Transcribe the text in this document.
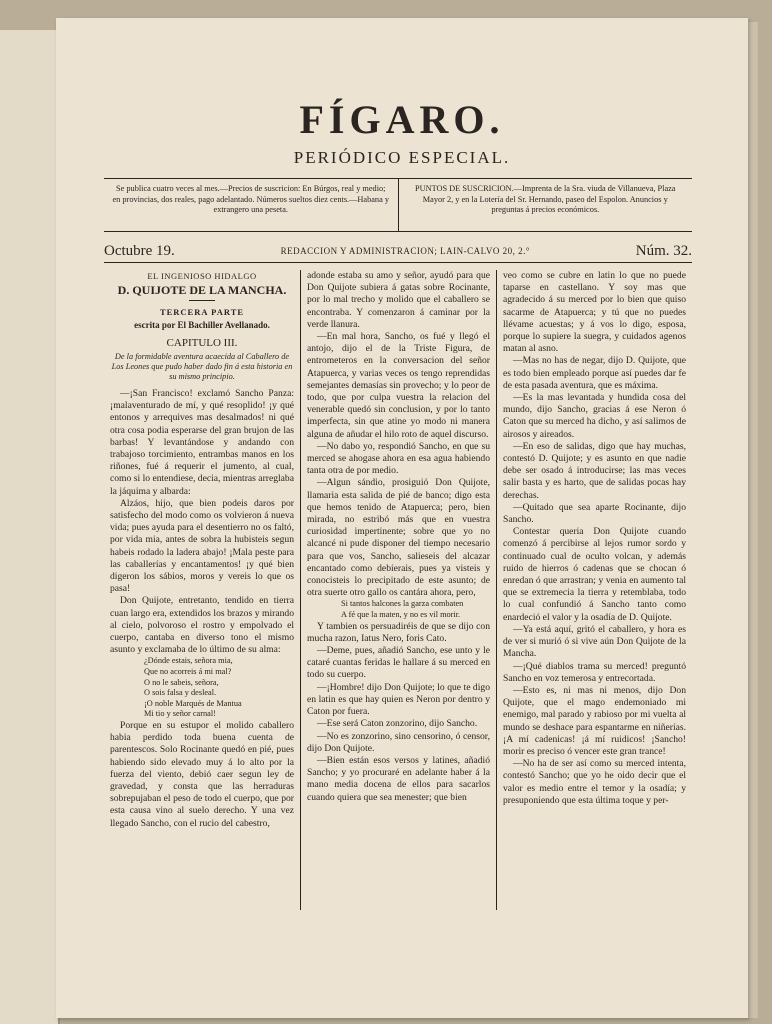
FÍGARO.
PERIÓDICO ESPECIAL.
Se publica cuatro veces al mes.—Precios de suscricion: En Búrgos, real y medio; en provincias, dos reales, pago adelantado. Números sueltos diez cents.—Habana y extrangero una peseta.
PUNTOS DE SUSCRICION.—Imprenta de la Sra. viuda de Villanueva, Plaza Mayor 2, y en la Lotería del Sr. Hernando, paseo del Espolon. Anuncios y preguntas á precios económicos.
Octubre 19.	REDACCION Y ADMINISTRACION; LAIN-CALVO 20, 2.°	Núm. 32.
EL INGENIOSO HIDALGO
D. QUIJOTE DE LA MANCHA.
TERCERA PARTE
escrita por El Bachiller Avellanado.
CAPITULO III.
De la formidable aventura acaecida al Caballero de Los Leones que pudo haber dado fin á esta historia en su mismo principio.

—¡San Francisco! exclamó Sancho Panza: ¡malaventurado de mí, y qué resoplido! ¡y qué entonos y arrequives mas desalmados! ni qué otra cosa podia esperarse del gran brujon de las barbas! Y levantándose y andando con trabajoso torcimiento, entrambas manos en los riñones, fué á requerir el jumento, al cual, como si lo entendiese, decia, mientras arreglaba la jáquima y albarda:

Alzáos, hijo, que bien podeis daros por satisfecho del modo como os volvieron á nueva vida; pues ayuda para el desentierro no os faltó, por vida mia, antes de sobra la hubisteis segun habeis rodado la ladera abajo! ¡Mala peste para las caballerías y encantamentos! ¡y qué bien digeron los sábios, moros y vereis lo que os pasa!

Don Quijote, entretanto, tendido en tierra cuan largo era, extendidos los brazos y mirando al cielo, polvoroso el rostro y empolvado el cuerpo, cantaba en diverso tono el mismo asunto y exclamaba de lo último de su alma:

¿Dónde estais, señora mia,

Que no acorreis á mi mal?

O no le sabeis, señora,

O sois falsa y desleal.

¡O noble Marqués de Mantua

Mi tio y señor carnal!

Porque en su estupor el molido caballero habia perdido toda buena cuenta de parentescos. Solo Rocinante quedó en pié, pues habiendo sido elevado muy á lo alto por la fuerza del viento, debió caer segun ley de gravedad, y consta que las herraduras sobrepujaban el peso de todo el cuerpo, que por esta causa vino al suelo derecho. Y una vez llegado Sancho, con el rucio del cabestro,

adonde estaba su amo y señor, ayudó para que Don Quijote subiera á gatas sobre Rocinante, por lo mal trecho y molido que el caballero se encontraba. Y comenzaron á caminar por la verde llanura.

—En mal hora, Sancho, os fué y llegó el antojo, dijo el de la Triste Figura, de entrometeros en la conversacion del señor Atapuerca, y varias veces os tengo reprendidas semejantes demasías sin provecho; y lo peor de todo, que por culpa vuestra la relacion del venerable quedó sin conclusion, y por lo tanto imperfecta, sin que atine yo modo ni manera alguna de añudar el hilo roto de aquel discurso.

—No dabo yo, respondió Sancho, en que su merced se ahogase ahora en esa agua habiendo tanta otra de por medio.

—Algun sándio, prosiguió Don Quijote, llamaria esta salida de pié de banco; digo esta que hemos tenido de Atapuerca; pero, bien mirada, no estribó más que en vuestra curiosidad impertinente; sobre que yo no alcancé ni pude disponer del tiempo necesario para que vos, Sancho, salieseis del alcazar encantado como debíerais, pues ya visteis y conocisteis lo precipitado de este asunto; de otra suerte otro gallo os cantára ahora, pero,

Si tantos halcones la garza combaten

A fé que la maten, y no es vil morir.

Y tambien os persuadiréis de que se dijo con mucha razon, Iatus Nero, foris Cato.

—Deme, pues, añadió Sancho, ese unto y le cataré cuantas feridas le hallare á su merced en todo su cuerpo.

—¡Hombre! dijo Don Quijote; lo que te digo en latin es que hay quien es Neron por dentro y Caton por fuera.

—Ese será Caton zonzorino, dijo Sancho.

—No es zonzorino, sino censorino, ó censor, dijo Don Quijote.

—Bien están esos versos y latines, añadió Sancho; y yo procuraré en adelante haber á la mano media docena de ellos para sacarlos cuando quiera que sea menester; que bien

veo como se cubre en latin lo que no puede taparse en castellano. Y soy mas que agradecido á su merced por lo bien que quiso sacarme de Atapuerca; y tú que no puedes llévame acuestas; y á vos lo digo, esposa, porque lo supiere la suegra, y cuidados agenos matan al asno.

—Mas no has de negar, dijo D. Quijote, que es todo bien empleado porque así puedes dar fe de esta pasada aventura, que es máxima.

—Es la mas levantada y hundida cosa del mundo, dijo Sancho, gracias á ese Neron ó Caton que su merced ha dicho, y así salimos de airosos y aireados.

—En eso de salidas, digo que hay muchas, contestó D. Quijote; y es asunto en que nadie debe ser osado á introducirse; las mas veces salir basta y es harto, que de salidas pocas hay derechas.

—Quitado que sea aparte Rocinante, dijo Sancho.

Contestar queria Don Quijote cuando comenzó á percibirse al lejos rumor sordo y continuado cual de oculto volcan, y además ruido de hierros ó cadenas que se chocan ó enredan ó que arrastran; y venia en aumento tal que se extremecia la tierra y retemblaba, todo lo cual confundió á Sancho tanto como enardeció el valor y la osadía de D. Quijote.

—Ya está aquí, gritó el caballero, y hora es de ver si murió ó si vive aún Don Quijote de la Mancha.

—¡Qué diablos trama su merced! preguntó Sancho en voz temerosa y entrecortada.

—Esto es, ni mas ni menos, dijo Don Quijote, que el mago endemoniado mi enemigo, mal parado y rabioso por mi vuelta al mundo se deshace para espantarme en niñerías. ¡A mí cadenicas! ¡á mí ruidicos! ¡Sancho! morir es preciso ó vencer este gran trance!

—No ha de ser así como su merced intenta, contestó Sancho; que yo he oido decir que el valor es medio entre el temor y la osadía; y presuponiendo que esta última toque y per-
